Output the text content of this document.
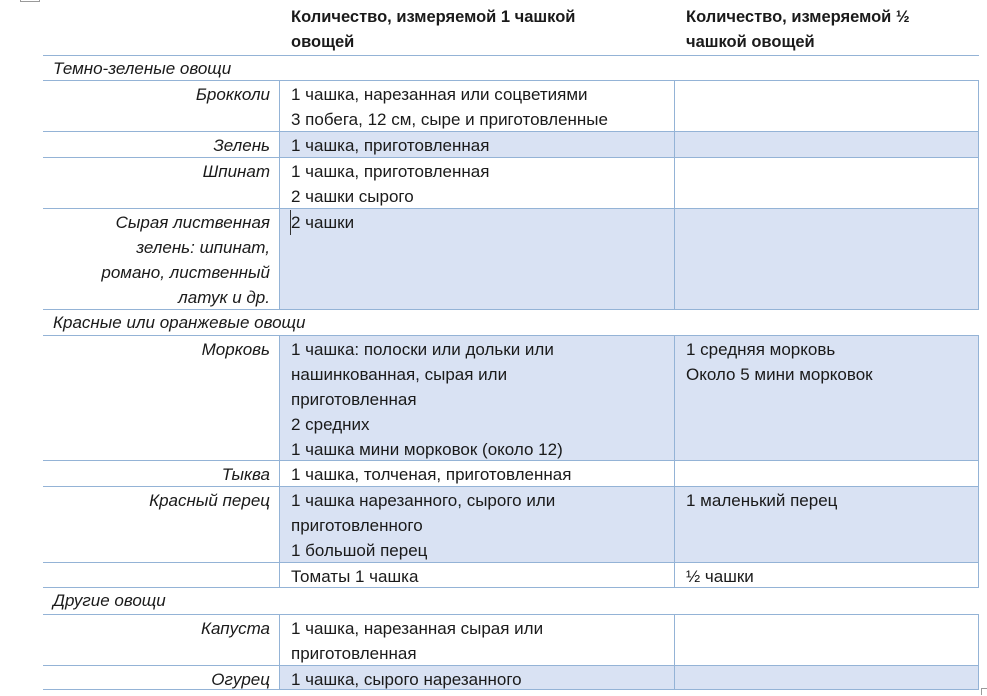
Количество, измеряемой 1 чашкой
овощей
Количество, измеряемой ½
чашкой овощей
Темно-зеленые овощи
Брокколи 1 чашка, нарезанная или соцветиями
3 побега, 12 см, сыре и приготовленные
Зелень 1 чашка, приготовленная
Шпинат 1 чашка, приготовленная
2 чашки сырого
Сырая лиственная
зелень: шпинат,
романо, лиственный
латук и др.
2 чашки
Красные или оранжевые овощи
Морковь 1 чашка: полоски или дольки или
нашинкованная, сырая или
приготовленная
2 средних
1 чашка мини морковок (около 12)
1 средняя морковь
Около 5 мини морковок
Тыква 1 чашка, толченая, приготовленная
Красный перец 1 чашка нарезанного, сырого или
приготовленного
1 большой перец
1 маленький перец
Томаты 1 чашка	½ чашки
Другие овощи
Капуста 1 чашка, нарезанная сырая или
приготовленная
Огурец 1 чашка, сырого нарезанного
